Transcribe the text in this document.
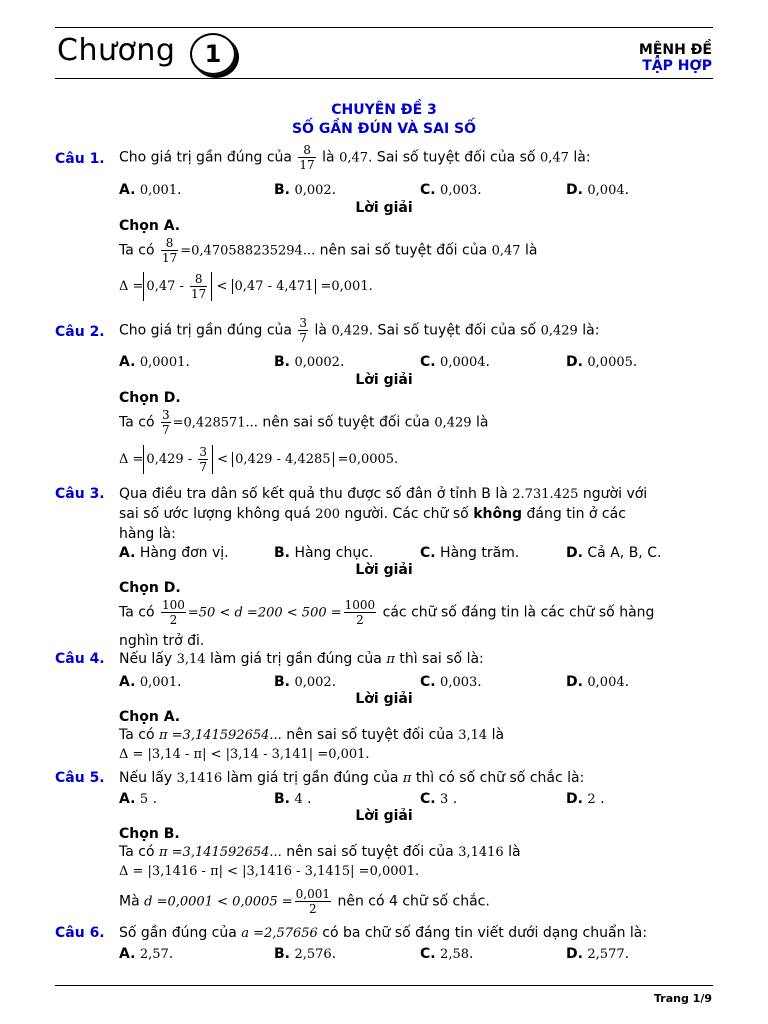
Chương	1	MỆNH ĐỀ
TẬP HỢP
CHUYÊN ĐỀ 3
SỐ GẦN ĐÚN VÀ SAI SỐ
Câu 1. Cho giá trị gần đúng của $\frac{8}{17}$ là 0,47. Sai số tuyệt đối của số 0,47 là:
A. 0,001.	B. 0,002.	C. 0,003.	D. 0,004.
Lời giải
Chọn A.
Ta có $\frac{8}{17} =0,470588235294$... nên sai số tuyệt đối của 0,47 là
$\Delta = 0,47 - \frac{8}{17} < 0,47 - 4,471 =0,001$.
Câu 2. Cho giá trị gần đúng của $\frac{3}{7}$ là 0,429. Sai số tuyệt đối của số 0,429 là:
A. 0,0001.	B. 0,0002.	C. 0,0004.	D. 0,0005.
Lời giải
Chọn D.
Ta có $\frac{3}{7} =0,428571$... nên sai số tuyệt đối của 0,429 là
$\Delta = 0,429 - \frac{3}{7} < 0,429 - 4,4285 =0,0005$.
Câu 3. Qua điều tra dân số kết quả thu được số đân ở tỉnh B là 2.731.425 người với
sai số ước lượng không quá 200 người. Các chữ số không đáng tin ở các
hàng là:
A. Hàng đơn vị.	B. Hàng chục.	C. Hàng trăm.	D. Cả A, B, C.
Lời giải
Chọn D.
Ta có $\frac{100}{2} =50 < d =200 < 500 = \frac{1000}{2}$ các chữ số đáng tin là các chữ số hàng
nghìn trở đi.
Câu 4. Nếu lấy 3,14 làm giá trị gần đúng của π thì sai số là:
A. 0,001.	B. 0,002.	C. 0,003.	D. 0,004.
Lời giải
Chọn A.
Ta có π =3,141592654... nên sai số tuyệt đối của 3,14 là
Δ = |3,14 - π| < |3,14 - 3,141| =0,001.
Câu 5. Nếu lấy 3,1416 làm giá trị gần đúng của π thì có số chữ số chắc là:
A. 5 .	B. 4 .	C. 3 .	D. 2 .
Lời giải
Chọn B.
Ta có π =3,141592654... nên sai số tuyệt đối của 3,1416 là
Δ = |3,1416 - π| < |3,1416 - 3,1415| =0,0001.
Mà $d =0,0001 < 0,0005 = \frac{0,001}{2}$ nên có 4 chữ số chắc.
Câu 6. Số gần đúng của a =2,57656 có ba chữ số đáng tin viết dưới dạng chuẩn là:
A. 2,57.	B. 2,576.	C. 2,58.	D. 2,577.
Trang 1/9
